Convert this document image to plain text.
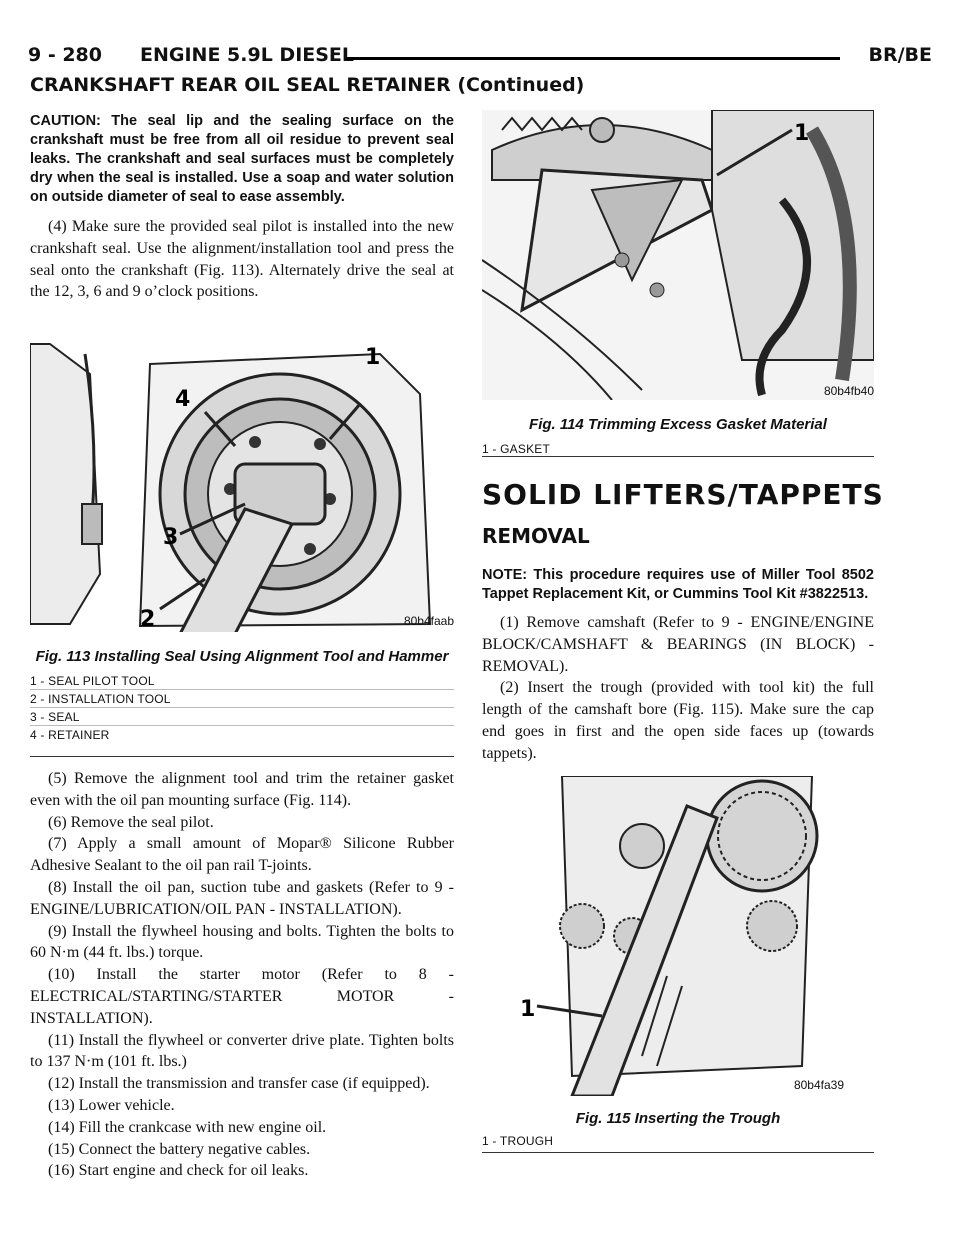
9 - 280 ENGINE 5.9L DIESEL	BR/BE
CRANKSHAFT REAR OIL SEAL RETAINER (Continued)

CAUTION: The seal lip and the sealing surface on the crankshaft must be free from all oil residue to prevent seal leaks. The crankshaft and seal surfaces must be completely dry when the seal is installed. Use a soap and water solution on outside diameter of seal to ease assembly.

(4) Make sure the provided seal pilot is installed into the new crankshaft seal. Use the alignment/installation tool and press the seal onto the crankshaft (Fig. 113). Alternately drive the seal at the 12, 3, 6 and 9 o’clock positions.

1
2
3
4
80b4faab
Fig. 113 Installing Seal Using Alignment Tool and Hammer
1 - SEAL PILOT TOOL
2 - INSTALLATION TOOL
3 - SEAL
4 - RETAINER

(5) Remove the alignment tool and trim the retainer gasket even with the oil pan mounting surface (Fig. 114).

(6) Remove the seal pilot.

(7) Apply a small amount of Mopar® Silicone Rubber Adhesive Sealant to the oil pan rail T-joints.

(8) Install the oil pan, suction tube and gaskets (Refer to 9 - ENGINE/LUBRICATION/OIL PAN - INSTALLATION).

(9) Install the flywheel housing and bolts. Tighten the bolts to 60 N·m (44 ft. lbs.) torque.

(10) Install the starter motor (Refer to 8 - ELECTRICAL/STARTING/STARTER MOTOR - INSTALLATION).

(11) Install the flywheel or converter drive plate. Tighten bolts to 137 N·m (101 ft. lbs.)

(12) Install the transmission and transfer case (if equipped).

(13) Lower vehicle.

(14) Fill the crankcase with new engine oil.

(15) Connect the battery negative cables.

(16) Start engine and check for oil leaks.

1
80b4fb40
Fig. 114 Trimming Excess Gasket Material
1 - GASKET
SOLID LIFTERS/TAPPETS
REMOVAL

NOTE: This procedure requires use of Miller Tool 8502 Tappet Replacement Kit, or Cummins Tool Kit #3822513.

(1) Remove camshaft (Refer to 9 - ENGINE/ENGINE BLOCK/CAMSHAFT & BEARINGS (IN BLOCK) - REMOVAL).

(2) Insert the trough (provided with tool kit) the full length of the camshaft bore (Fig. 115). Make sure the cap end goes in first and the open side faces up (towards tappets).

1
80b4fa39
Fig. 115 Inserting the Trough
1 - TROUGH
